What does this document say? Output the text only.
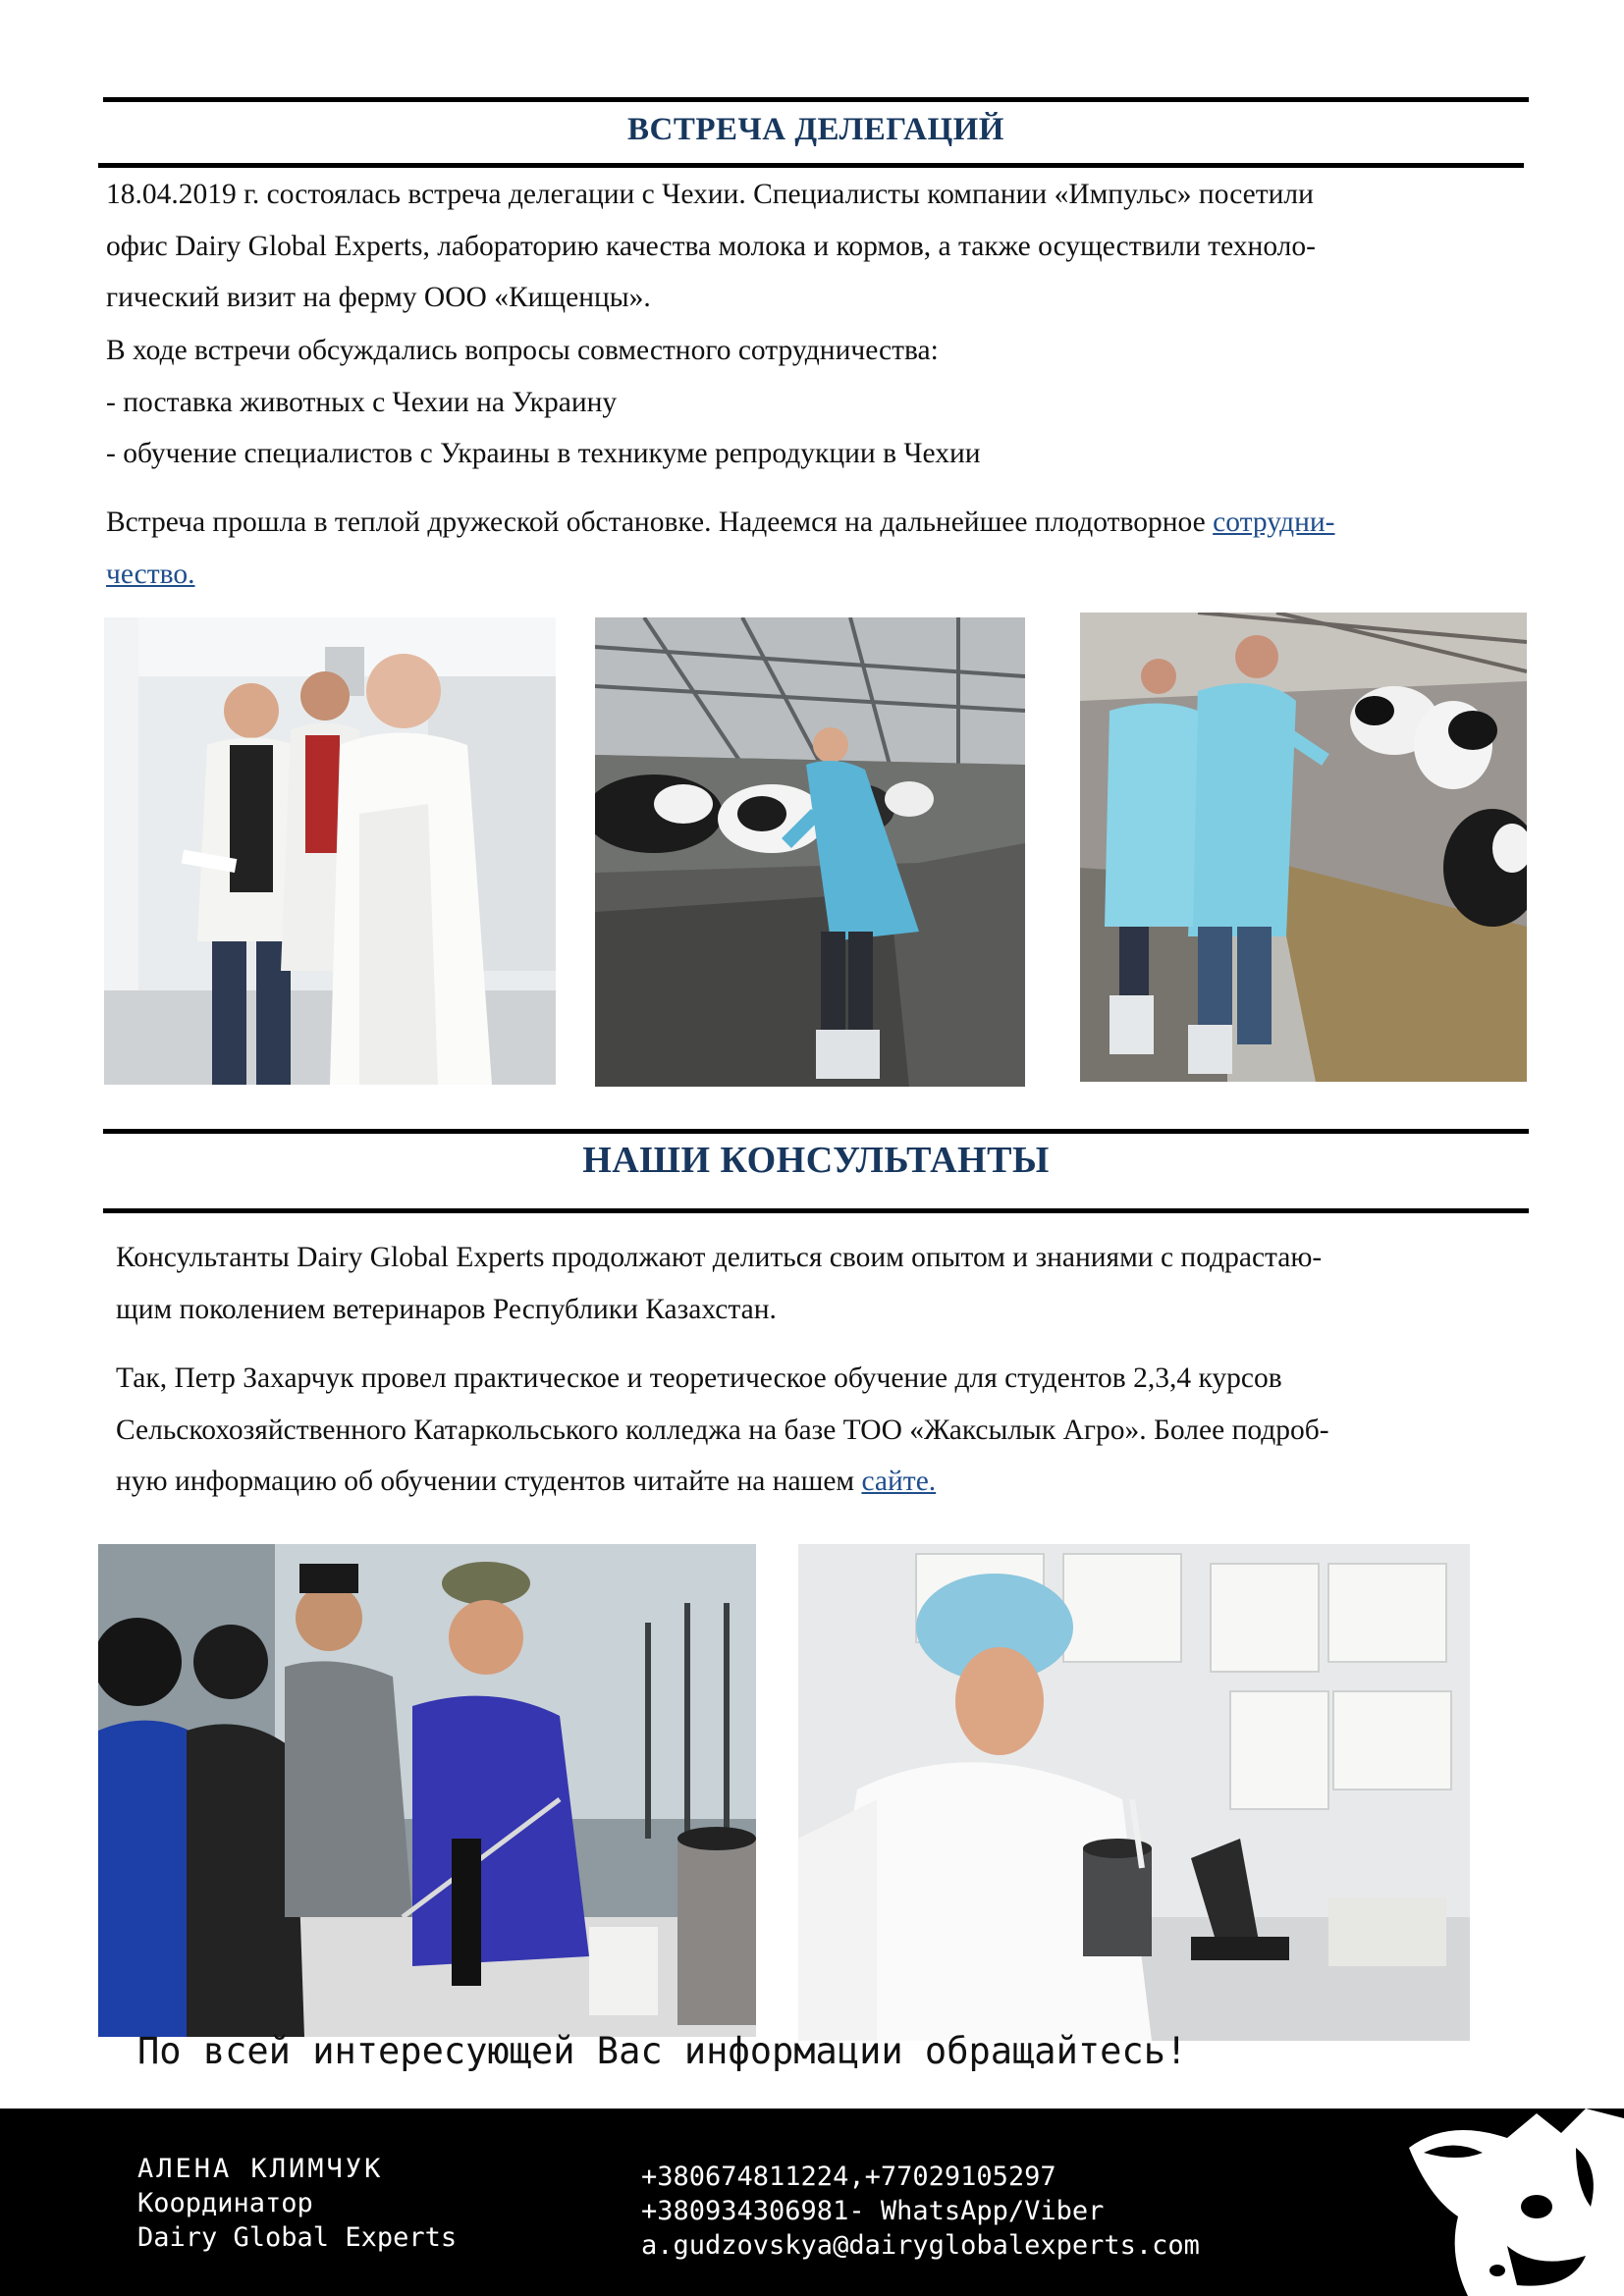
ВСТРЕЧА ДЕЛЕГАЦИЙ
18.04.2019 г. состоялась встреча делегации с Чехии. Специалисты компании «Импульс» посетили
офис Dairy Global Experts, лабораторию качества молока и кормов, а также осуществили техноло-
гический визит на ферму ООО «Кищенцы».
В ходе встречи обсуждались вопросы совместного сотрудничества:
- поставка животных с Чехии на Украину
- обучение специалистов с Украины в техникуме репродукции в Чехии
Встреча прошла в теплой дружеской обстановке. Надеемся на дальнейшее плодотворное сотрудни-
чество.
НАШИ КОНСУЛЬТАНТЫ
Консультанты Dairy Global Experts продолжают делиться своим опытом и знаниями с подрастаю-
щим поколением ветеринаров Республики Казахстан.
Так, Петр Захарчук провел практическое и теоретическое обучение для студентов 2,3,4 курсов
Сельскохозяйственного Катаркольського колледжа на базе ТОО «Жаксылык Агро». Более подроб-
ную информацию об обучении студентов читайте на нашем сайте.
По всей интересующей Вас информации обращайтесь!
АЛЕНА КЛИМЧУК
Координатор
Dairy Global Experts
+380674811224,+77029105297
+380934306981- WhatsApp/Viber
a.gudzovskya@dairyglobalexperts.com
